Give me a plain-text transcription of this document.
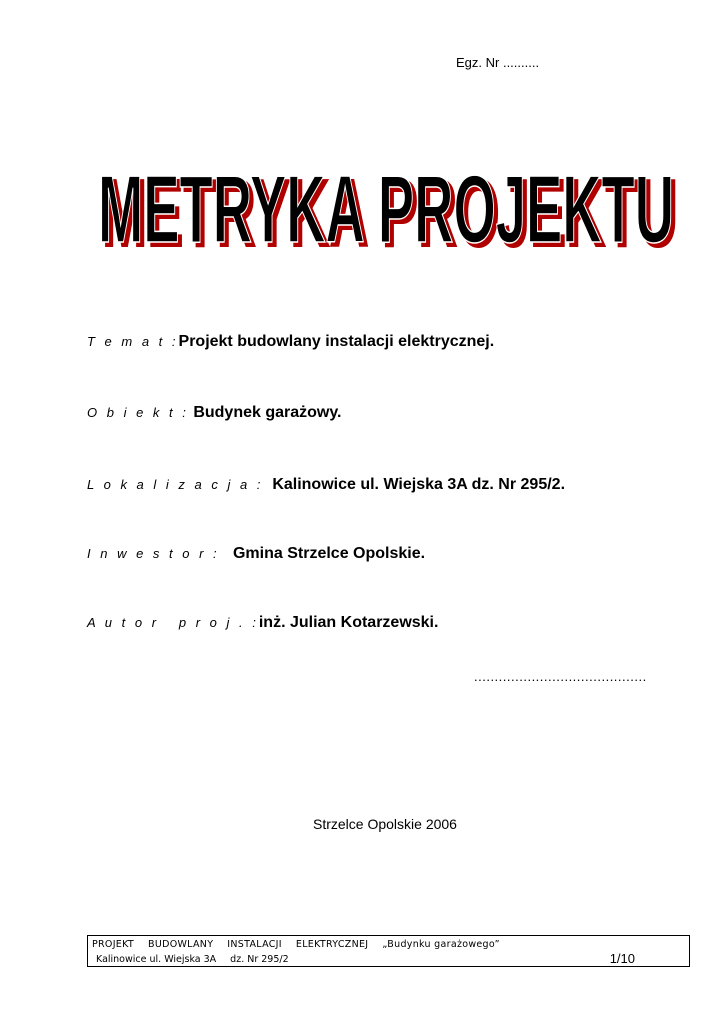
Egz. Nr ..........
METRYKA PROJEKTU
METRYKA PROJEKTU
T e m a t :Projekt budowlany instalacji elektrycznej.
O b i e k t : Budynek garażowy.
L o k a l i z a c j a : Kalinowice ul. Wiejska 3A dz. Nr 295/2.
I n w e s t o r : Gmina Strzelce Opolskie.
A u t o r   p r o j . :inż. Julian Kotarzewski.
..........................................
Strzelce Opolskie 2006
PROJEKT BUDOWLANY INSTALACJI ELEKTRYCZNEJ „Budynku garażowego”
Kalinowice ul. Wiejska 3A dz. Nr 295/2	1/10
